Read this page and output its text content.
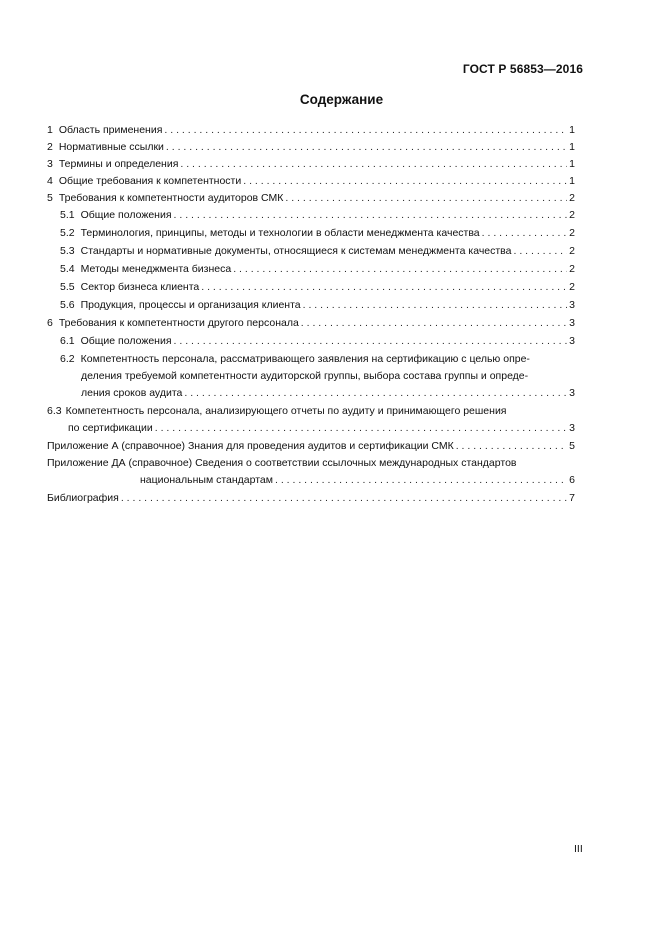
ГОСТ Р 56853—2016
Содержание
1 Область применения . . .	1
2 Нормативные ссылки . . .	1
3 Термины и определения . . .	1
4 Общие требования к компетентности . . .	1
5 Требования к компетентности аудиторов СМК . . .	2
5.1 Общие положения . . .	2
5.2 Терминология, принципы, методы и технологии в области менеджмента качества . . .	2
5.3 Стандарты и нормативные документы, относящиеся к системам менеджмента качества . . .	2
5.4 Методы менеджмента бизнеса . . .	2
5.5 Сектор бизнеса клиента . . .	2
5.6 Продукция, процессы и организация клиента . . .	3
6 Требования к компетентности другого персонала . . .	3
6.1 Общие положения . . .	3
6.2 Компетентность персонала, рассматривающего заявления на сертификацию с целью опре-
деления требуемой компетентности аудиторской группы, выбора состава группы и опреде-
ления сроков аудита . . .	3
6.3 Компетентность персонала, анализирующего отчеты по аудиту и принимающего решения
по сертификации . . .	3
Приложение А (справочное) Знания для проведения аудитов и сертификации СМК . . .	5
Приложение ДА (справочное) Сведения о соответствии ссылочных международных стандартов
национальным стандартам . . .	6
Библиография . . .	7
III
